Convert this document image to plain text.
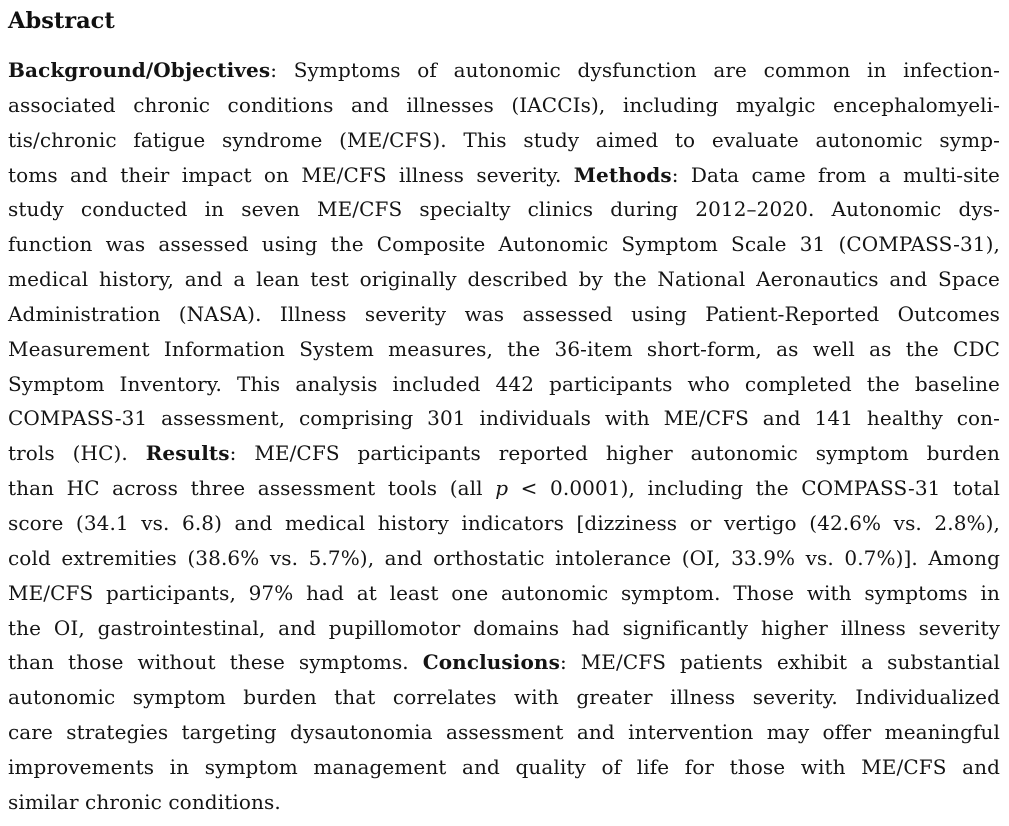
Abstract
Background/Objectives: Symptoms of autonomic dysfunction are common in infection-
associated chronic conditions and illnesses (IACCIs), including myalgic encephalomyeli-
tis/chronic fatigue syndrome (ME/CFS). This study aimed to evaluate autonomic symp-
toms and their impact on ME/CFS illness severity. Methods: Data came from a multi-site
study conducted in seven ME/CFS specialty clinics during 2012–2020. Autonomic dys-
function was assessed using the Composite Autonomic Symptom Scale 31 (COMPASS-31),
medical history, and a lean test originally described by the National Aeronautics and Space
Administration (NASA). Illness severity was assessed using Patient-Reported Outcomes
Measurement Information System measures, the 36-item short-form, as well as the CDC
Symptom Inventory. This analysis included 442 participants who completed the baseline
COMPASS-31 assessment, comprising 301 individuals with ME/CFS and 141 healthy con-
trols (HC). Results: ME/CFS participants reported higher autonomic symptom burden
than HC across three assessment tools (all p < 0.0001), including the COMPASS-31 total
score (34.1 vs. 6.8) and medical history indicators [dizziness or vertigo (42.6% vs. 2.8%),
cold extremities (38.6% vs. 5.7%), and orthostatic intolerance (OI, 33.9% vs. 0.7%)]. Among
ME/CFS participants, 97% had at least one autonomic symptom. Those with symptoms in
the OI, gastrointestinal, and pupillomotor domains had significantly higher illness severity
than those without these symptoms. Conclusions: ME/CFS patients exhibit a substantial
autonomic symptom burden that correlates with greater illness severity. Individualized
care strategies targeting dysautonomia assessment and intervention may offer meaningful
improvements in symptom management and quality of life for those with ME/CFS and
similar chronic conditions.
